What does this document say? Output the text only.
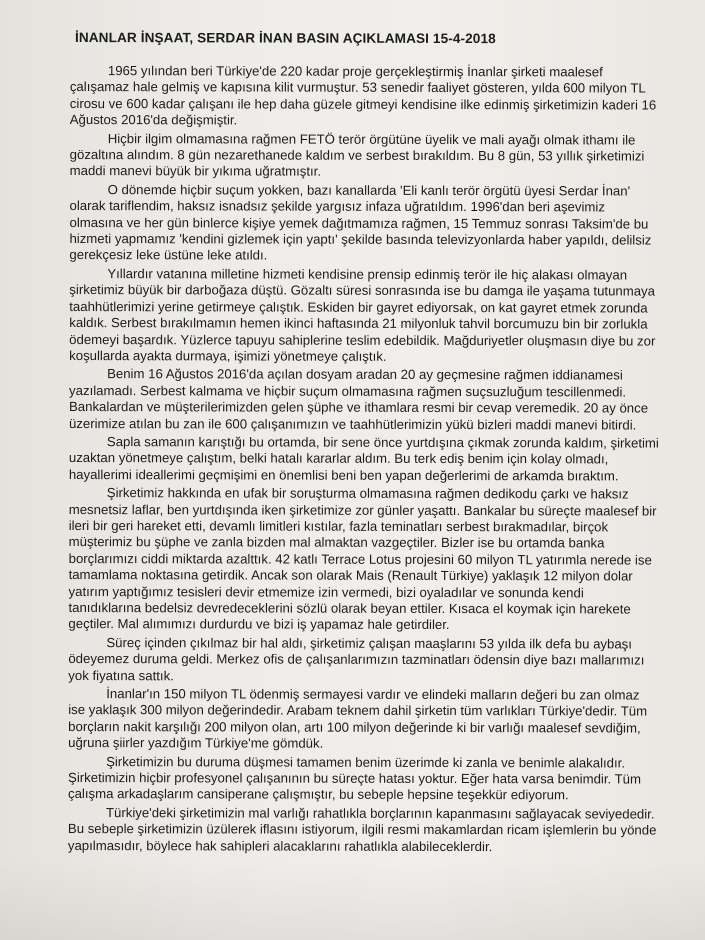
İNANLAR İNŞAAT, SERDAR İNAN BASIN AÇIKLAMASI 15-4-2018

1965 yılından beri Türkiye'de 220 kadar proje gerçekleştirmiş İnanlar şirketi maalesef çalışamaz hale gelmiş ve kapısına kilit vurmuştur. 53 senedir faaliyet gösteren, yılda 600 milyon TL cirosu ve 600 kadar çalışanı ile hep daha güzele gitmeyi kendisine ilke edinmiş şirketimizin kaderi 16 Ağustos 2016'da değişmiştir.

Hiçbir ilgim olmamasına rağmen FETÖ terör örgütüne üyelik ve mali ayağı olmak ithamı ile gözaltına alındım. 8 gün nezarethanede kaldım ve serbest bırakıldım. Bu 8 gün, 53 yıllık şirketimizi maddi manevi büyük bir yıkıma uğratmıştır.

O dönemde hiçbir suçum yokken, bazı kanallarda 'Eli kanlı terör örgütü üyesi Serdar İnan' olarak tariflendim, haksız isnadsız şekilde yargısız infaza uğratıldım. 1996'dan beri aşevimiz olmasına ve her gün binlerce kişiye yemek dağıtmamıza rağmen, 15 Temmuz sonrası Taksim'de bu hizmeti yapmamız 'kendini gizlemek için yaptı' şekilde basında televizyonlarda haber yapıldı, delilsiz gerekçesiz leke üstüne leke atıldı.

Yıllardır vatanına milletine hizmeti kendisine prensip edinmiş terör ile hiç alakası olmayan şirketimiz büyük bir darboğaza düştü. Gözaltı süresi sonrasında ise bu damga ile yaşama tutunmaya taahhütlerimizi yerine getirmeye çalıştık. Eskiden bir gayret ediyorsak, on kat gayret etmek zorunda kaldık. Serbest bırakılmamın hemen ikinci haftasında 21 milyonluk tahvil borcumuzu bin bir zorlukla ödemeyi başardık. Yüzlerce tapuyu sahiplerine teslim edebildik. Mağduriyetler oluşmasın diye bu zor koşullarda ayakta durmaya, işimizi yönetmeye çalıştık.

Benim 16 Ağustos 2016'da açılan dosyam aradan 20 ay geçmesine rağmen iddianamesi yazılamadı. Serbest kalmama ve hiçbir suçum olmamasına rağmen suçsuzluğum tescillenmedi. Bankalardan ve müşterilerimizden gelen şüphe ve ithamlara resmi bir cevap veremedik. 20 ay önce üzerimize atılan bu zan ile 600 çalışanımızın ve taahhütlerimizin yükü bizleri maddi manevi bitirdi.

Sapla samanın karıştığı bu ortamda, bir sene önce yurtdışına çıkmak zorunda kaldım, şirketimi uzaktan yönetmeye çalıştım, belki hatalı kararlar aldım. Bu terk ediş benim için kolay olmadı, hayallerimi ideallerimi geçmişimi en önemlisi beni ben yapan değerlerimi de arkamda bıraktım.

Şirketimiz hakkında en ufak bir soruşturma olmamasına rağmen dedikodu çarkı ve haksız mesnetsiz laflar, ben yurtdışında iken şirketimize zor günler yaşattı. Bankalar bu süreçte maalesef bir ileri bir geri hareket etti, devamlı limitleri kıstılar, fazla teminatları serbest bırakmadılar, birçok müşterimiz bu şüphe ve zanla bizden mal almaktan vazgeçtiler. Bizler ise bu ortamda banka borçlarımızı ciddi miktarda azalttık. 42 katlı Terrace Lotus projesini 60 milyon TL yatırımla nerede ise tamamlama noktasına getirdik. Ancak son olarak Mais (Renault Türkiye) yaklaşık 12 milyon dolar yatırım yaptığımız tesisleri devir etmemize izin vermedi, bizi oyaladılar ve sonunda kendi tanıdıklarına bedelsiz devredeceklerini sözlü olarak beyan ettiler. Kısaca el koymak için harekete geçtiler. Mal alımımızı durdurdu ve bizi iş yapamaz hale getirdiler.

Süreç içinden çıkılmaz bir hal aldı, şirketimiz çalışan maaşlarını 53 yılda ilk defa bu aybaşı ödeyemez duruma geldi. Merkez ofis de çalışanlarımızın tazminatları ödensin diye bazı mallarımızı yok fiyatına sattık.

İnanlar'ın 150 milyon TL ödenmiş sermayesi vardır ve elindeki malların değeri bu zan olmaz ise yaklaşık 300 milyon değerindedir. Arabam teknem dahil şirketin tüm varlıkları Türkiye'dedir. Tüm borçların nakit karşılığı 200 milyon olan, artı 100 milyon değerinde ki bir varlığı maalesef sevdiğim, uğruna şiirler yazdığım Türkiye'me gömdük.

Şirketimizin bu duruma düşmesi tamamen benim üzerimde ki zanla ve benimle alakalıdır. Şirketimizin hiçbir profesyonel çalışanının bu süreçte hatası yoktur. Eğer hata varsa benimdir. Tüm çalışma arkadaşlarım cansiperane çalışmıştır, bu sebeple hepsine teşekkür ediyorum.

Türkiye'deki şirketimizin mal varlığı rahatlıkla borçlarının kapanmasını sağlayacak seviyededir. Bu sebeple şirketimizin üzülerek iflasını istiyorum, ilgili resmi makamlardan ricam işlemlerin bu yönde yapılmasıdır, böylece hak sahipleri alacaklarını rahatlıkla alabileceklerdir.
